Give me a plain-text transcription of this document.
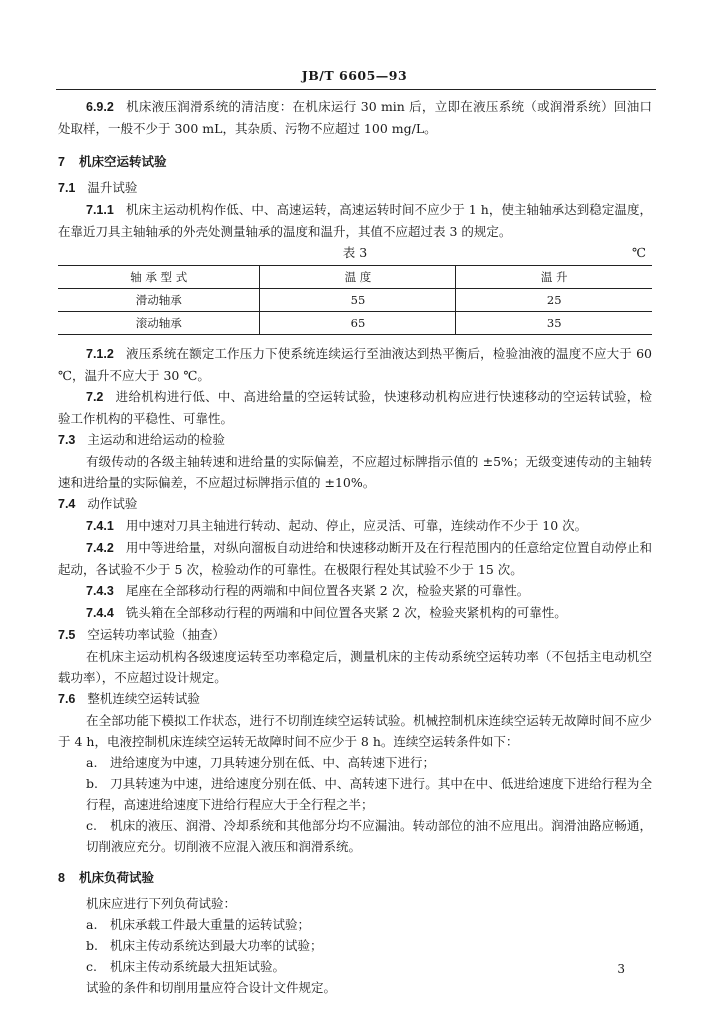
JB/T 6605—93

6.9.2 机床液压润滑系统的清洁度：在机床运行 30 min 后，立即在液压系统（或润滑系统）回油口处取样，一般不少于 300 mL，其杂质、污物不应超过 100 mg/L。

7 机床空运转试验

7.1 温升试验

7.1.1 机床主运动机构作低、中、高速运转，高速运转时间不应少于 1 h，使主轴轴承达到稳定温度，在靠近刀具主轴轴承的外壳处测量轴承的温度和温升，其值不应超过表 3 的规定。

表 3	℃
轴 承 型 式	温 度	温 升
滑动轴承	55	25
滚动轴承	65	35

7.1.2 液压系统在额定工作压力下使系统连续运行至油液达到热平衡后，检验油液的温度不应大于 60 ℃，温升不应大于 30 ℃。

7.2 进给机构进行低、中、高进给量的空运转试验，快速移动机构应进行快速移动的空运转试验，检验工作机构的平稳性、可靠性。

7.3 主运动和进给运动的检验

有级传动的各级主轴转速和进给量的实际偏差，不应超过标牌指示值的 ±5%；无级变速传动的主轴转速和进给量的实际偏差，不应超过标牌指示值的 ±10%。

7.4 动作试验

7.4.1 用中速对刀具主轴进行转动、起动、停止，应灵活、可靠，连续动作不少于 10 次。

7.4.2 用中等进给量，对纵向溜板自动进给和快速移动断开及在行程范围内的任意给定位置自动停止和起动，各试验不少于 5 次，检验动作的可靠性。在极限行程处其试验不少于 15 次。

7.4.3 尾座在全部移动行程的两端和中间位置各夹紧 2 次，检验夹紧的可靠性。

7.4.4 铣头箱在全部移动行程的两端和中间位置各夹紧 2 次，检验夹紧机构的可靠性。

7.5 空运转功率试验（抽查）

在机床主运动机构各级速度运转至功率稳定后，测量机床的主传动系统空运转功率（不包括主电动机空载功率），不应超过设计规定。

7.6 整机连续空运转试验

在全部功能下模拟工作状态，进行不切削连续空运转试验。机械控制机床连续空运转无故障时间不应少于 4 h，电液控制机床连续空运转无故障时间不应少于 8 h。连续空运转条件如下：

a. 进给速度为中速，刀具转速分别在低、中、高转速下进行；

b. 刀具转速为中速，进给速度分别在低、中、高转速下进行。其中在中、低进给速度下进给行程为全行程，高速进给速度下进给行程应大于全行程之半；

c. 机床的液压、润滑、冷却系统和其他部分均不应漏油。转动部位的油不应甩出。润滑油路应畅通，切削液应充分。切削液不应混入液压和润滑系统。

8 机床负荷试验

机床应进行下列负荷试验：

a. 机床承载工件最大重量的运转试验；

b. 机床主传动系统达到最大功率的试验；

c. 机床主传动系统最大扭矩试验。

试验的条件和切削用量应符合设计文件规定。

3
